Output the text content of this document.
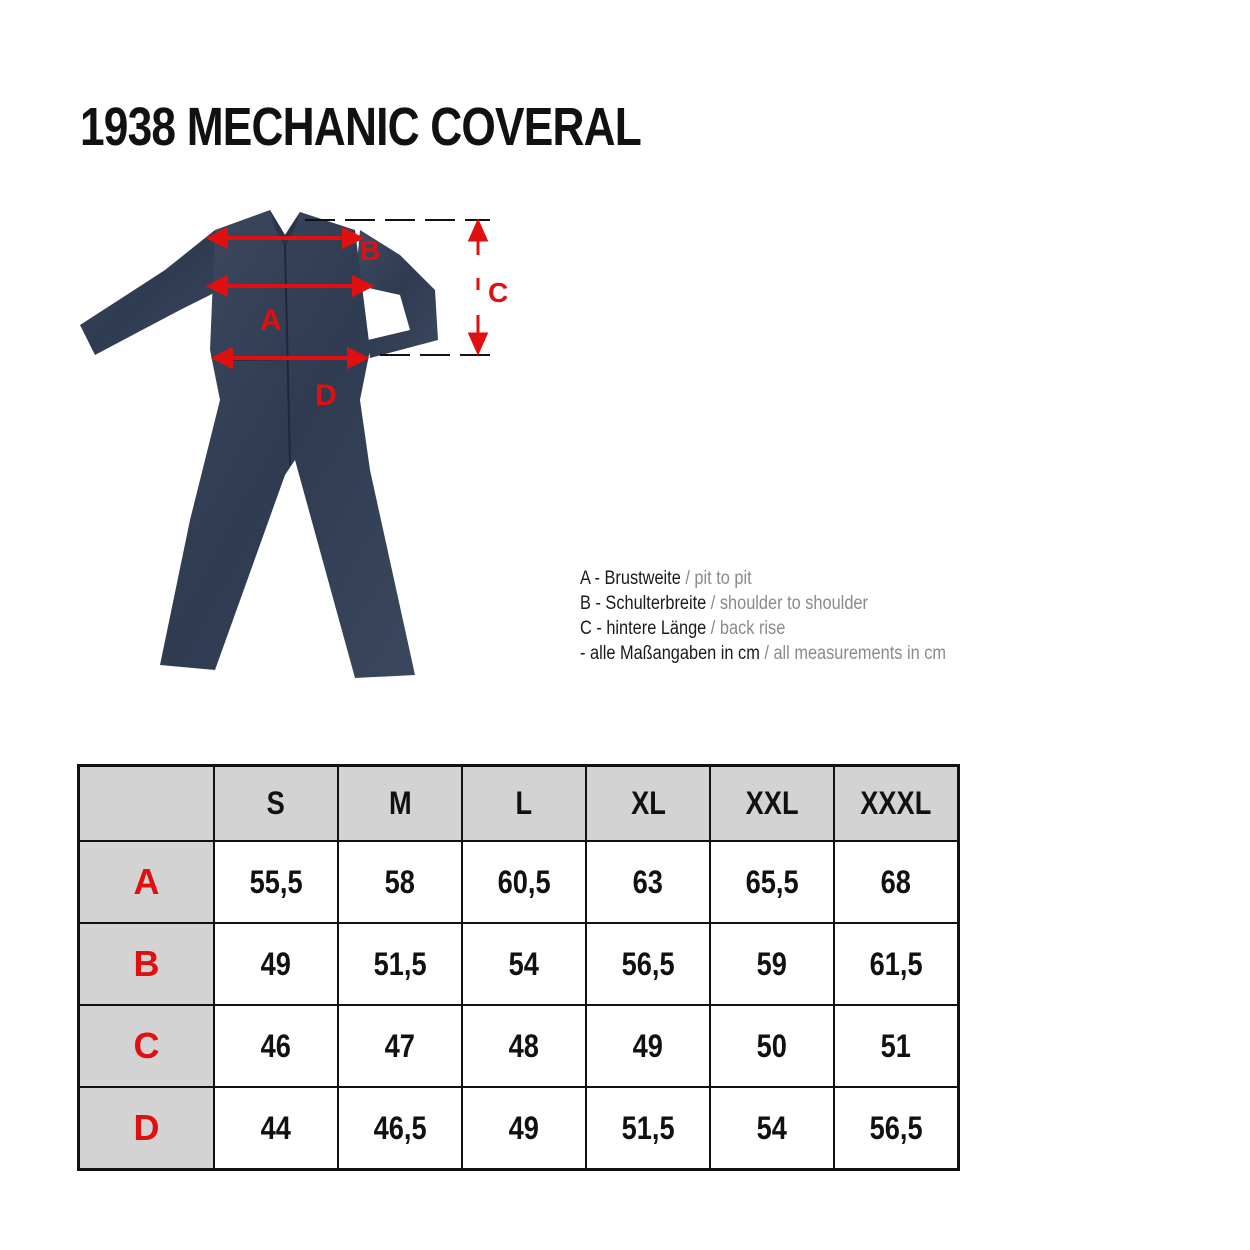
1938 MECHANIC COVERAL
B
A
D
C
A - Brustweite / pit to pit
B - Schulterbreite / shoulder to shoulder
C - hintere Länge / back rise
- alle Maßangaben in cm / all measurements in cm
	S	M	L	XL	XXL	XXXL
A	55,5	58	60,5	63	65,5	68
B	49	51,5	54	56,5	59	61,5
C	46	47	48	49	50	51
D	44	46,5	49	51,5	54	56,5
